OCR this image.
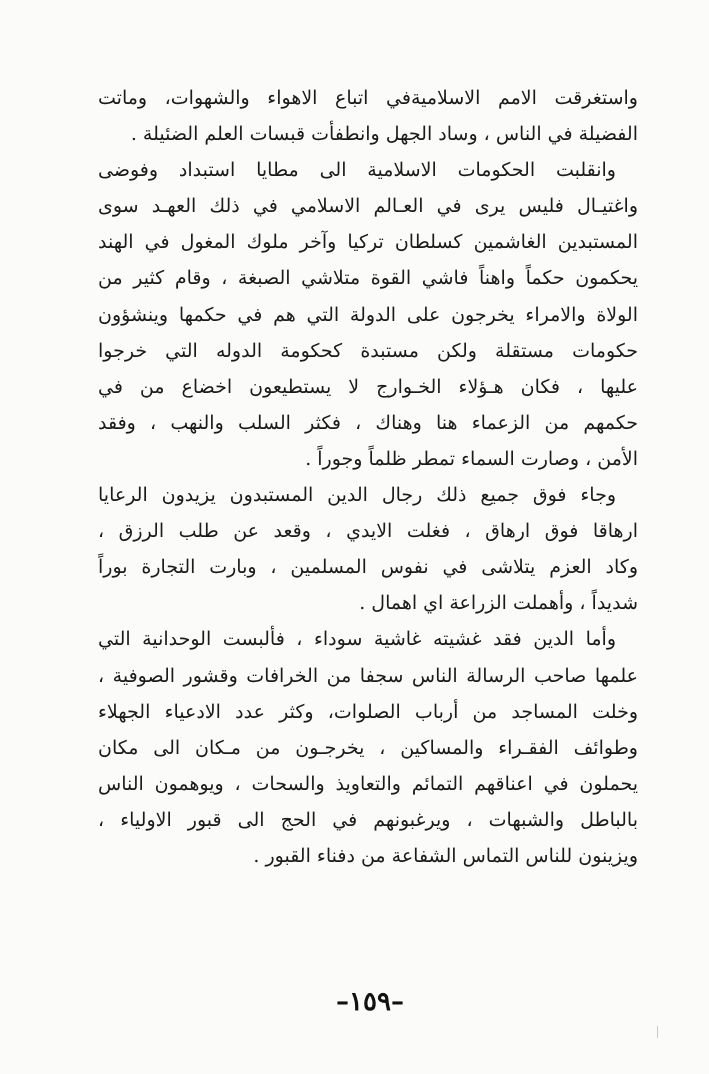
واستغرقت الامم الاسلاميةفي اتباع الاهواء والشهوات، وماتت
الفضيلة في الناس ، وساد الجهل وانطفأت قبسات العلم الضئيلة .
وانقلبت الحكومات الاسلامية الى مطايا استبداد وفوضى
واغتيـال فليس يرى في العـالم الاسلامي في ذلك العهـد سوى
المستبدين الغاشمين كسلطان تركيا وآخر ملوك المغول في الهند
يحكمون حكماً واهناً فاشي القوة متلاشي الصبغة ، وقام كثير من
الولاة والامراء يخرجون على الدولة التي هم في حكمها وينشؤون
حكومات مستقلة ولكن مستبدة كحكومة الدوله التي خرجوا
عليها ، فكان هـؤلاء الخـوارج لا يستطيعون اخضاع من في
حكمهم من الزعماء هنا وهناك ، فكثر السلب والنهب ، وفقد
الأمن ، وصارت السماء تمطر ظلماً وجوراً .
وجاء فوق جميع ذلك رجال الدين المستبدون يزيدون الرعايا
ارهاقا فوق ارهاق ، فغلت الايدي ، وقعد عن طلب الرزق ،
وكاد العزم يتلاشى في نفوس المسلمين ، وبارت التجارة بوراً
شديداً ، وأهملت الزراعة اي اهمال .
وأما الدين فقد غشيته غاشية سوداء ، فألبست الوحدانية التي
علمها صاحب الرسالة الناس سجفا من الخرافات وقشور الصوفية ،
وخلت المساجد من أرباب الصلوات، وكثر عدد الادعياء الجهلاء
وطوائف الفقـراء والمساكين ، يخرجـون من مـكان الى مكان
يحملون في اعناقهم التمائم والتعاويذ والسحات ، ويوهمون الناس
بالباطل والشبهات ، ويرغبونهم في الحج الى قبور الاولياء ،
ويزينون للناس التماس الشفاعة من دفناء القبور .
–١٥٩–
